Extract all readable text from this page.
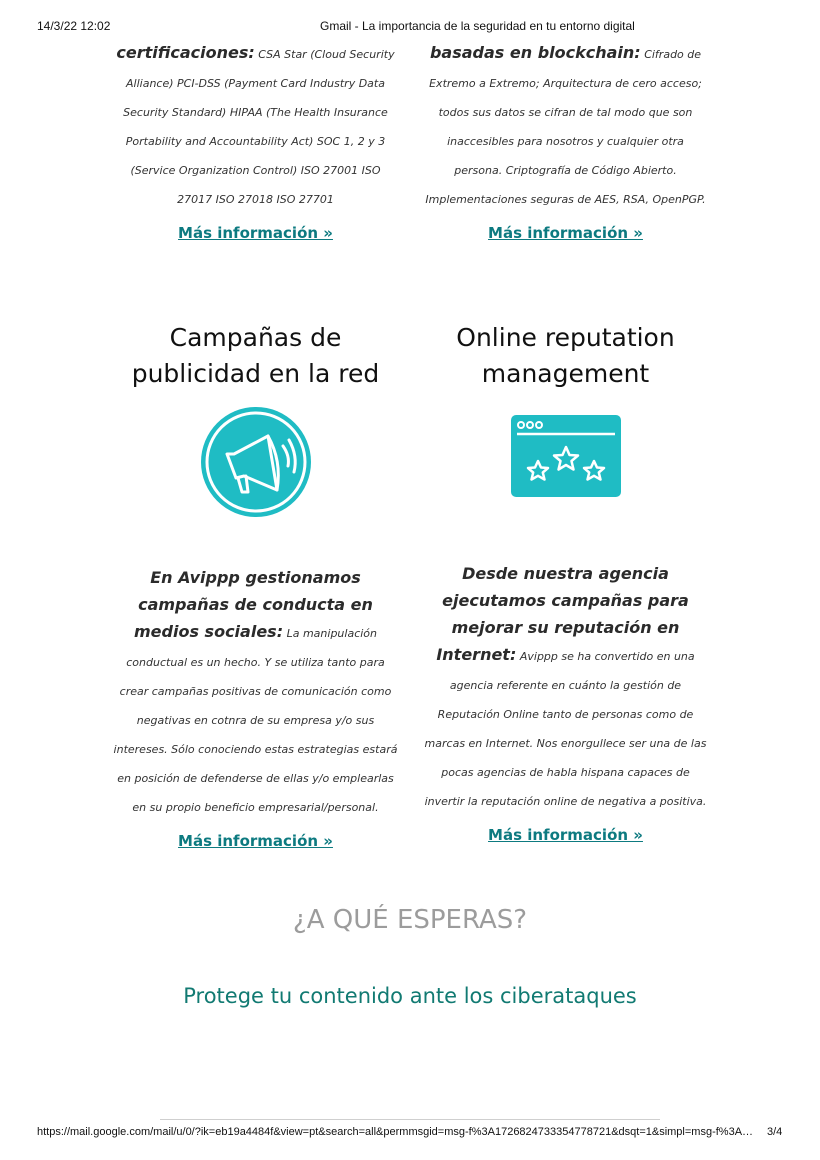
14/3/22 12:02	Gmail - La importancia de la seguridad en tu entorno digital
certificaciones: CSA Star (Cloud Security Alliance) PCI-DSS (Payment Card Industry Data Security Standard) HIPAA (The Health Insurance Portability and Accountability Act) SOC 1, 2 y 3 (Service Organization Control) ISO 27001 ISO 27017 ISO 27018 ISO 27701
Más información »
basadas en blockchain: Cifrado de Extremo a Extremo; Arquitectura de cero acceso; todos sus datos se cifran de tal modo que son inaccesibles para nosotros y cualquier otra persona. Criptografía de Código Abierto. Implementaciones seguras de AES, RSA, OpenPGP.
Más información »
Campañas de publicidad en la red
En Avippp gestionamos campañas de conducta en medios sociales: La manipulación conductual es un hecho. Y se utiliza tanto para crear campañas positivas de comunicación como negativas en cotnra de su empresa y/o sus intereses. Sólo conociendo estas estrategias estará en posición de defenderse de ellas y/o emplearlas en su propio beneficio empresarial/personal.
Más información »
Online reputation management
Desde nuestra agencia ejecutamos campañas para mejorar su reputación en Internet: Avippp se ha convertido en una agencia referente en cuánto la gestión de Reputación Online tanto de personas como de marcas en Internet. Nos enorgullece ser una de las pocas agencias de habla hispana capaces de invertir la reputación online de negativa a positiva.
Más información »
¿A QUÉ ESPERAS?
Protege tu contenido ante los ciberataques
https://mail.google.com/mail/u/0/?ik=eb19a4484f&view=pt&search=all&permmsgid=msg-f%3A1726824733354778721&dsqt=1&simpl=msg-f%3A… 3/4
